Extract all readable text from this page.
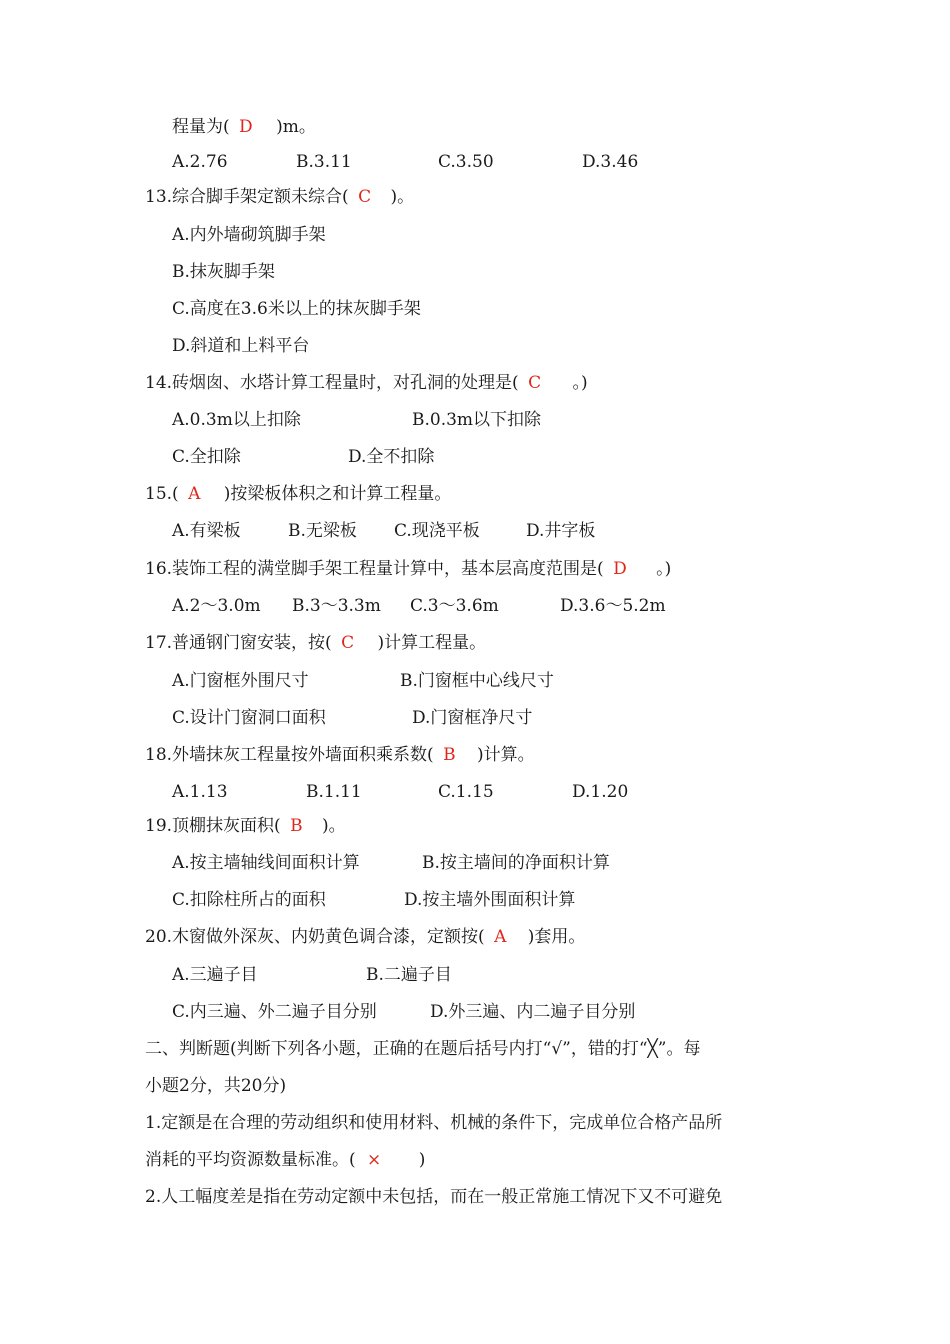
程量为( D )m。
A.2.76	B.3.11	C.3.50	D.3.46
13.综合脚手架定额未综合( C )。
A.内外墙砌筑脚手架
B.抹灰脚手架
C.高度在3.6米以上的抹灰脚手架
D.斜道和上料平台
14.砖烟囱、水塔计算工程量时，对孔洞的处理是( C 。)
A.0.3m以上扣除	B.0.3m以下扣除
C.全扣除	D.全不扣除
15.( A )按梁板体积之和计算工程量。
A.有梁板	B.无梁板 C.现浇平板	D.井字板
16.装饰工程的满堂脚手架工程量计算中，基本层高度范围是( D 。)
A.2～3.0m B.3～3.3m C.3～3.6m	D.3.6～5.2m
17.普通钢门窗安装，按( C )计算工程量。
A.门窗框外围尺寸	B.门窗框中心线尺寸
C.设计门窗洞口面积	D.门窗框净尺寸
18.外墙抹灰工程量按外墙面积乘系数( B )计算。
A.1.13	B.1.11	C.1.15	D.1.20
19.顶棚抹灰面积( B )。
A.按主墙轴线间面积计算	B.按主墙间的净面积计算
C.扣除柱所占的面积	D.按主墙外围面积计算
20.木窗做外深灰、内奶黄色调合漆，定额按( A )套用。
A.三遍子目	B.二遍子目
C.内三遍、外二遍子目分别	D.外三遍、内二遍子目分别
二、判断题(判断下列各小题，正确的在题后括号内打“√”，错的打“╳”。每
小题2分，共20分)
1.定额是在合理的劳动组织和使用材料、机械的条件下，完成单位合格产品所
消耗的平均资源数量标准。( × )
2.人工幅度差是指在劳动定额中未包括，而在一般正常施工情况下又不可避免
